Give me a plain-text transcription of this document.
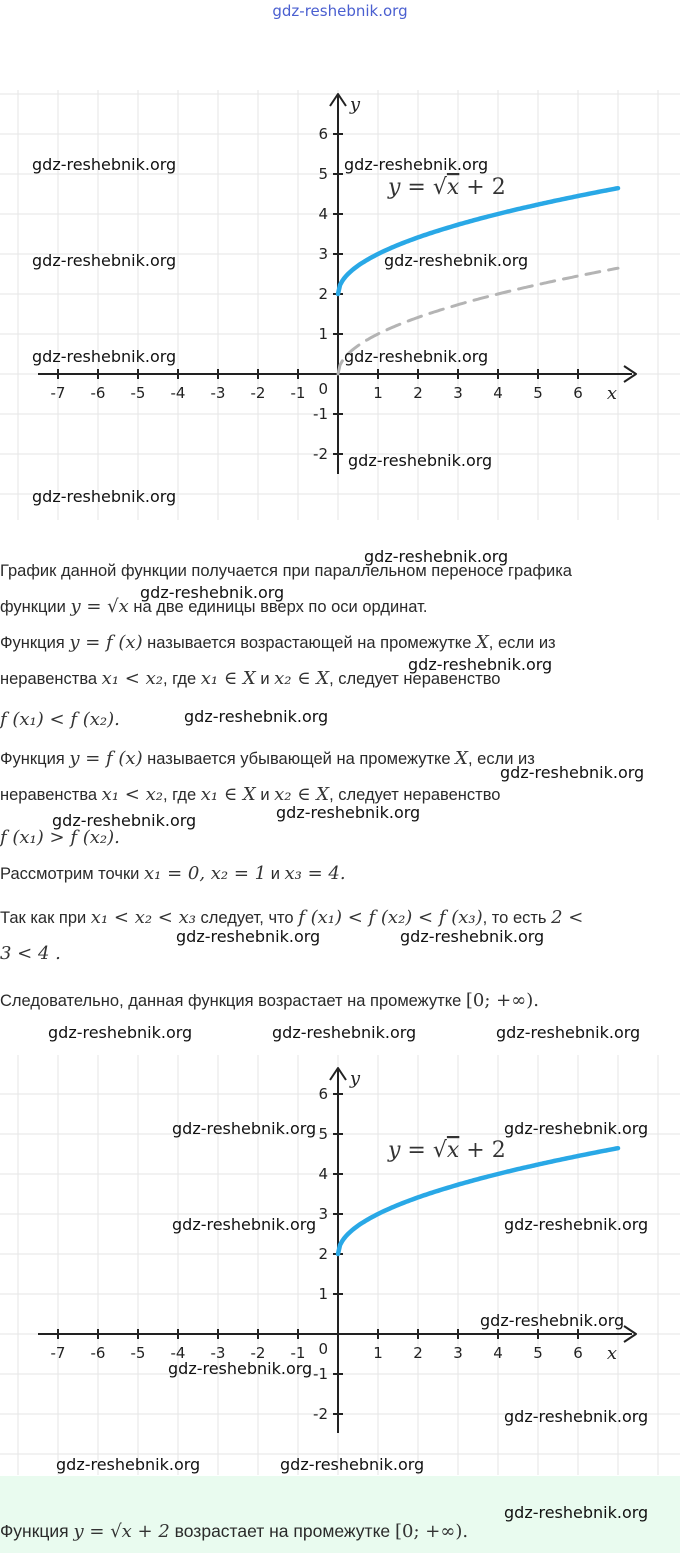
gdz-reshebnik.org
-7 -6 -5 -4 -3 -2 -1	1 2 3 4 5 6
6
5
4
3
2
1
-1
-2
0	x
y
y = √x + 2

График данной функции получается при параллельном переносе графика

функции y = √x на две единицы вверх по оси ординат.

Функция y = f (x) называется возрастающей на промежутке X, если из

неравенства x₁ < x₂, где x₁ ∈ X и x₂ ∈ X, следует неравенство

f (x₁) < f (x₂).

Функция y = f (x) называется убывающей на промежутке X, если из

неравенства x₁ < x₂, где x₁ ∈ X и x₂ ∈ X, следует неравенство

f (x₁) > f (x₂).

Рассмотрим точки x₁ = 0, x₂ = 1 и x₃ = 4.

Так как при x₁ < x₂ < x₃ следует, что f (x₁) < f (x₂) < f (x₃), то есть 2 <

3 < 4 .

Следовательно, данная функция возрастает на промежутке [0; +∞).

-7 -6 -5 -4 -3 -2 -1	1 2 3 4 5 6
6
5
4
3
2
1
-1
-2
0	x
y
y = √x + 2
Функция y = √x + 2 возрастает на промежутке [0; +∞).
gdz-reshebnik.org	gdz-reshebnik.org
gdz-reshebnik.org	gdz-reshebnik.org
gdz-reshebnik.org	gdz-reshebnik.org
gdz-reshebnik.org
gdz-reshebnik.org
gdz-reshebnik.org
gdz-reshebnik.org
gdz-reshebnik.org
gdz-reshebnik.org
gdz-reshebnik.org
gdz-reshebnik.org
gdz-reshebnik.org
gdz-reshebnik.org	gdz-reshebnik.org
gdz-reshebnik.org	gdz-reshebnik.org	gdz-reshebnik.org
gdz-reshebnik.org	gdz-reshebnik.org
gdz-reshebnik.org	gdz-reshebnik.org
gdz-reshebnik.org
gdz-reshebnik.org
gdz-reshebnik.org
gdz-reshebnik.org	gdz-reshebnik.org
gdz-reshebnik.org
